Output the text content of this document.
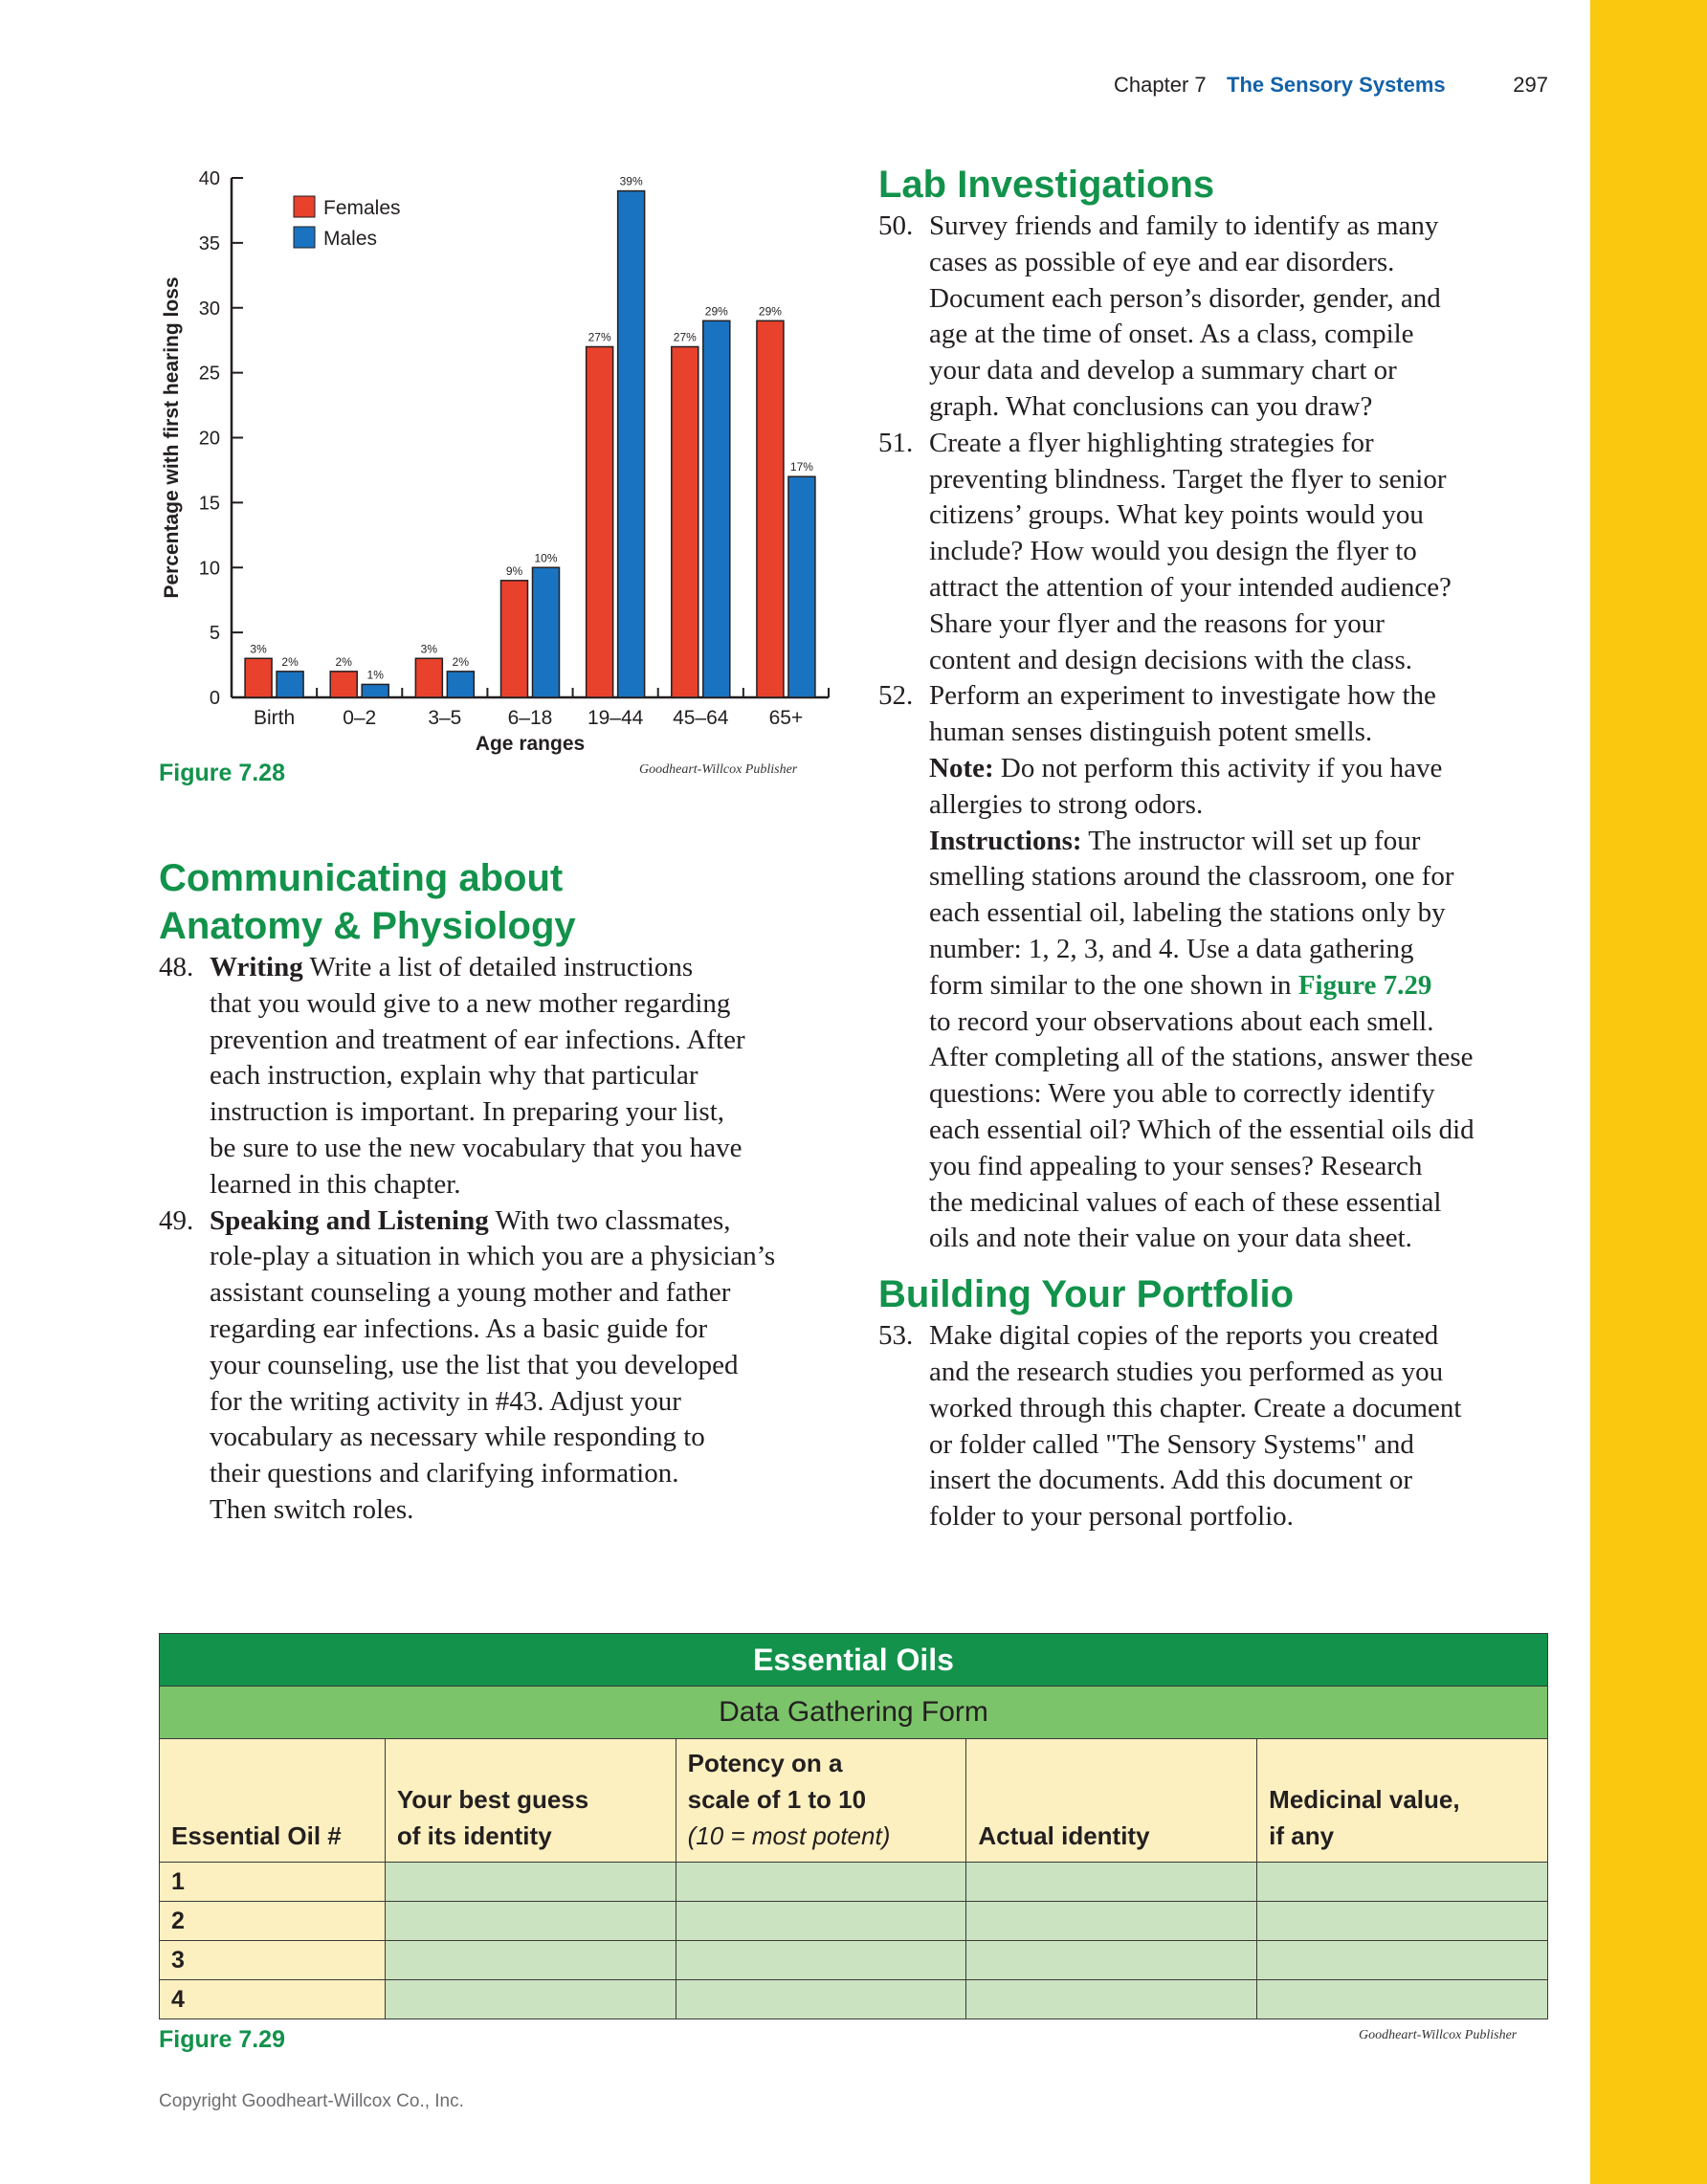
Chapter 7 The Sensory Systems	297
0
5
10
15
20
25
30
35
40
Percentage with first hearing loss
Birth
3%
2%
0–2
2%
1%
3–5
3%
2%
6–18
9%
10%
19–44
27%
39%
45–64
27%
29%
65+
29%
17%
Age ranges
Females
Males
Figure 7.28	Goodheart-Willcox Publisher
Communicating about
Anatomy & Physiology
48. Writing Write a list of detailed instructions
that you would give to a new mother regarding
prevention and treatment of ear infections. After
each instruction, explain why that particular
instruction is important. In preparing your list,
be sure to use the new vocabulary that you have
learned in this chapter.
49. Speaking and Listening With two classmates,
role-play a situation in which you are a physician’s
assistant counseling a young mother and father
regarding ear infections. As a basic guide for
your counseling, use the list that you developed
for the writing activity in #43. Adjust your
vocabulary as necessary while responding to
their questions and clarifying information.
Then switch roles.
Lab Investigations
50. Survey friends and family to identify as many
cases as possible of eye and ear disorders.
Document each person’s disorder, gender, and
age at the time of onset. As a class, compile
your data and develop a summary chart or
graph. What conclusions can you draw?
51. Create a flyer highlighting strategies for
preventing blindness. Target the flyer to senior
citizens’ groups. What key points would you
include? How would you design the flyer to
attract the attention of your intended audience?
Share your flyer and the reasons for your
content and design decisions with the class.
52. Perform an experiment to investigate how the
human senses distinguish potent smells.

Note: Do not perform this activity if you have
allergies to strong odors.

Instructions: The instructor will set up four
smelling stations around the classroom, one for
each essential oil, labeling the stations only by
number: 1, 2, 3, and 4. Use a data gathering
form similar to the one shown in Figure 7.29
to record your observations about each smell.
After completing all of the stations, answer these
questions: Were you able to correctly identify
each essential oil? Which of the essential oils did
you find appealing to your senses? Research
the medicinal values of each of these essential
oils and note their value on your data sheet.

Building Your Portfolio
53. Make digital copies of the reports you created
and the research studies you performed as you
worked through this chapter. Create a document
or folder called "The Sensory Systems" and
insert the documents. Add this document or
folder to your personal portfolio.
Essential Oils				
Data Gathering Form				

Essential Oil #	Your best guess
of its identity	Potency on a
scale of 1 to 10
(10 = most potent)	Actual identity	Medicinal value,
if any

1				
2				
3				
4				
Figure 7.29	Goodheart-Willcox Publisher
Copyright Goodheart-Willcox Co., Inc.
